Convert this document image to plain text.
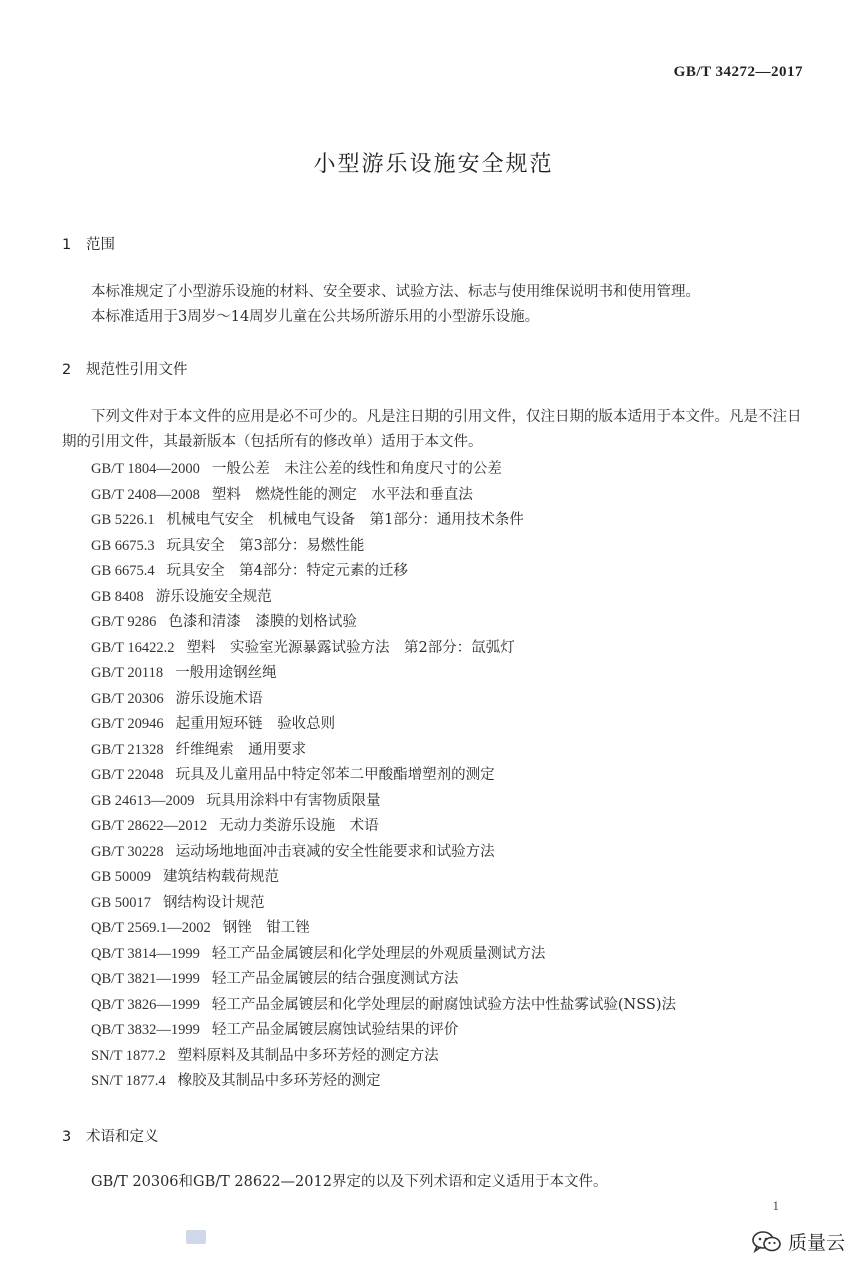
GB/T 34272—2017
小型游乐设施安全规范
1 范围
本标准规定了小型游乐设施的材料、安全要求、试验方法、标志与使用维保说明书和使用管理。
本标准适用于3周岁～14周岁儿童在公共场所游乐用的小型游乐设施。
2 规范性引用文件
下列文件对于本文件的应用是必不可少的。凡是注日期的引用文件，仅注日期的版本适用于本文件。凡是不注日期的引用文件，其最新版本（包括所有的修改单）适用于本文件。
GB/T 1804—2000 一般公差　未注公差的线性和角度尺寸的公差
GB/T 2408—2008 塑料　燃烧性能的测定　水平法和垂直法
GB 5226.1 机械电气安全　机械电气设备　第1部分：通用技术条件
GB 6675.3 玩具安全　第3部分：易燃性能
GB 6675.4 玩具安全　第4部分：特定元素的迁移
GB 8408 游乐设施安全规范
GB/T 9286 色漆和清漆　漆膜的划格试验
GB/T 16422.2 塑料　实验室光源暴露试验方法　第2部分：氙弧灯
GB/T 20118 一般用途钢丝绳
GB/T 20306 游乐设施术语
GB/T 20946 起重用短环链　验收总则
GB/T 21328 纤维绳索　通用要求
GB/T 22048 玩具及儿童用品中特定邻苯二甲酸酯增塑剂的测定
GB 24613—2009 玩具用涂料中有害物质限量
GB/T 28622—2012 无动力类游乐设施　术语
GB/T 30228 运动场地地面冲击衰减的安全性能要求和试验方法
GB 50009 建筑结构载荷规范
GB 50017 钢结构设计规范
QB/T 2569.1—2002 钢锉　钳工锉
QB/T 3814—1999 轻工产品金属镀层和化学处理层的外观质量测试方法
QB/T 3821—1999 轻工产品金属镀层的结合强度测试方法
QB/T 3826—1999 轻工产品金属镀层和化学处理层的耐腐蚀试验方法中性盐雾试验(NSS)法
QB/T 3832—1999 轻工产品金属镀层腐蚀试验结果的评价
SN/T 1877.2 塑料原料及其制品中多环芳烃的测定方法
SN/T 1877.4 橡胶及其制品中多环芳烃的测定
3 术语和定义
GB/T 20306和GB/T 28622—2012界定的以及下列术语和定义适用于本文件。
1
质量云
